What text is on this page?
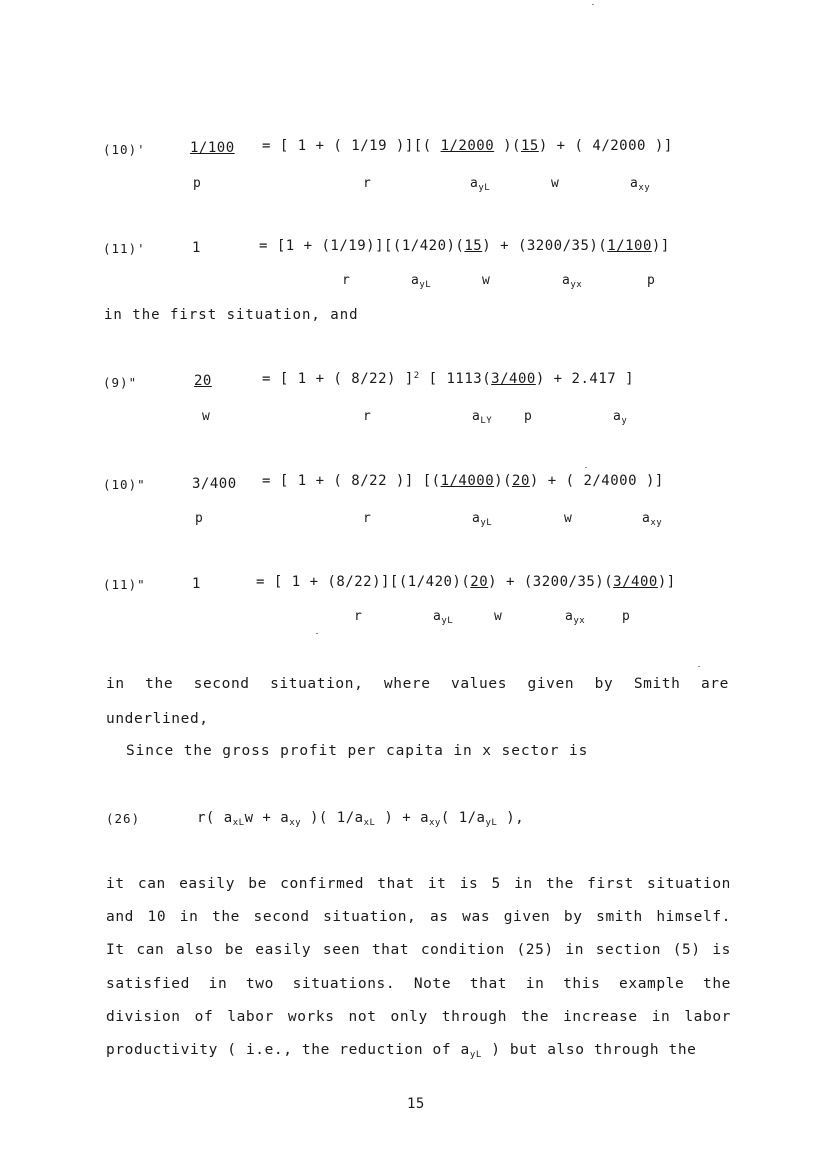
(10)'	1/100 = [ 1 + ( 1/19 )][( 1/2000 )(15) + ( 4/2000 )]
p	r	$a_{yL}$	w	$a_{xy}$
(11)'	1	= [1 + (1/19)][(1/420)(15) + (3200/35)(1/100)]
r	$a_{yL}$	w	$a_{yx}$	p
in the first situation, and
(9)"	20	= [ 1 + ( 8/22) ]$^2$ [ 1113(3/400) + 2.417 ]
w	r	$a_{LY}$ p	$a_y$
(10)"	3/400 = [ 1 + ( 8/22 )] [(1/4000)(20) + ( 2/4000 )]
p	r	$a_{yL}$	w	$a_{xy}$
(11)"	1	= [ 1 + (8/22)][(1/420)(20) + (3200/35)(3/400)]
r	$a_{yL}$	w	$a_{yx}$	p
in the second situation, where values given by Smith are
underlined,
Since the gross profit per capita in x sector is
(26)	r( $a_{xL}w + a_{xy}$ )( $1/a_{xL}$ ) + $a_{xy}$( $1/a_{yL}$ ),
it can easily be confirmed that it is 5 in the first situation
and 10 in the second situation, as was given by smith himself.
It can also be easily seen that condition (25) in section (5) is
satisfied in two situations. Note that in this example the
division of labor works not only through the increase in labor
productivity ( i.e., the reduction of $a_{yL}$ ) but also through the
15
